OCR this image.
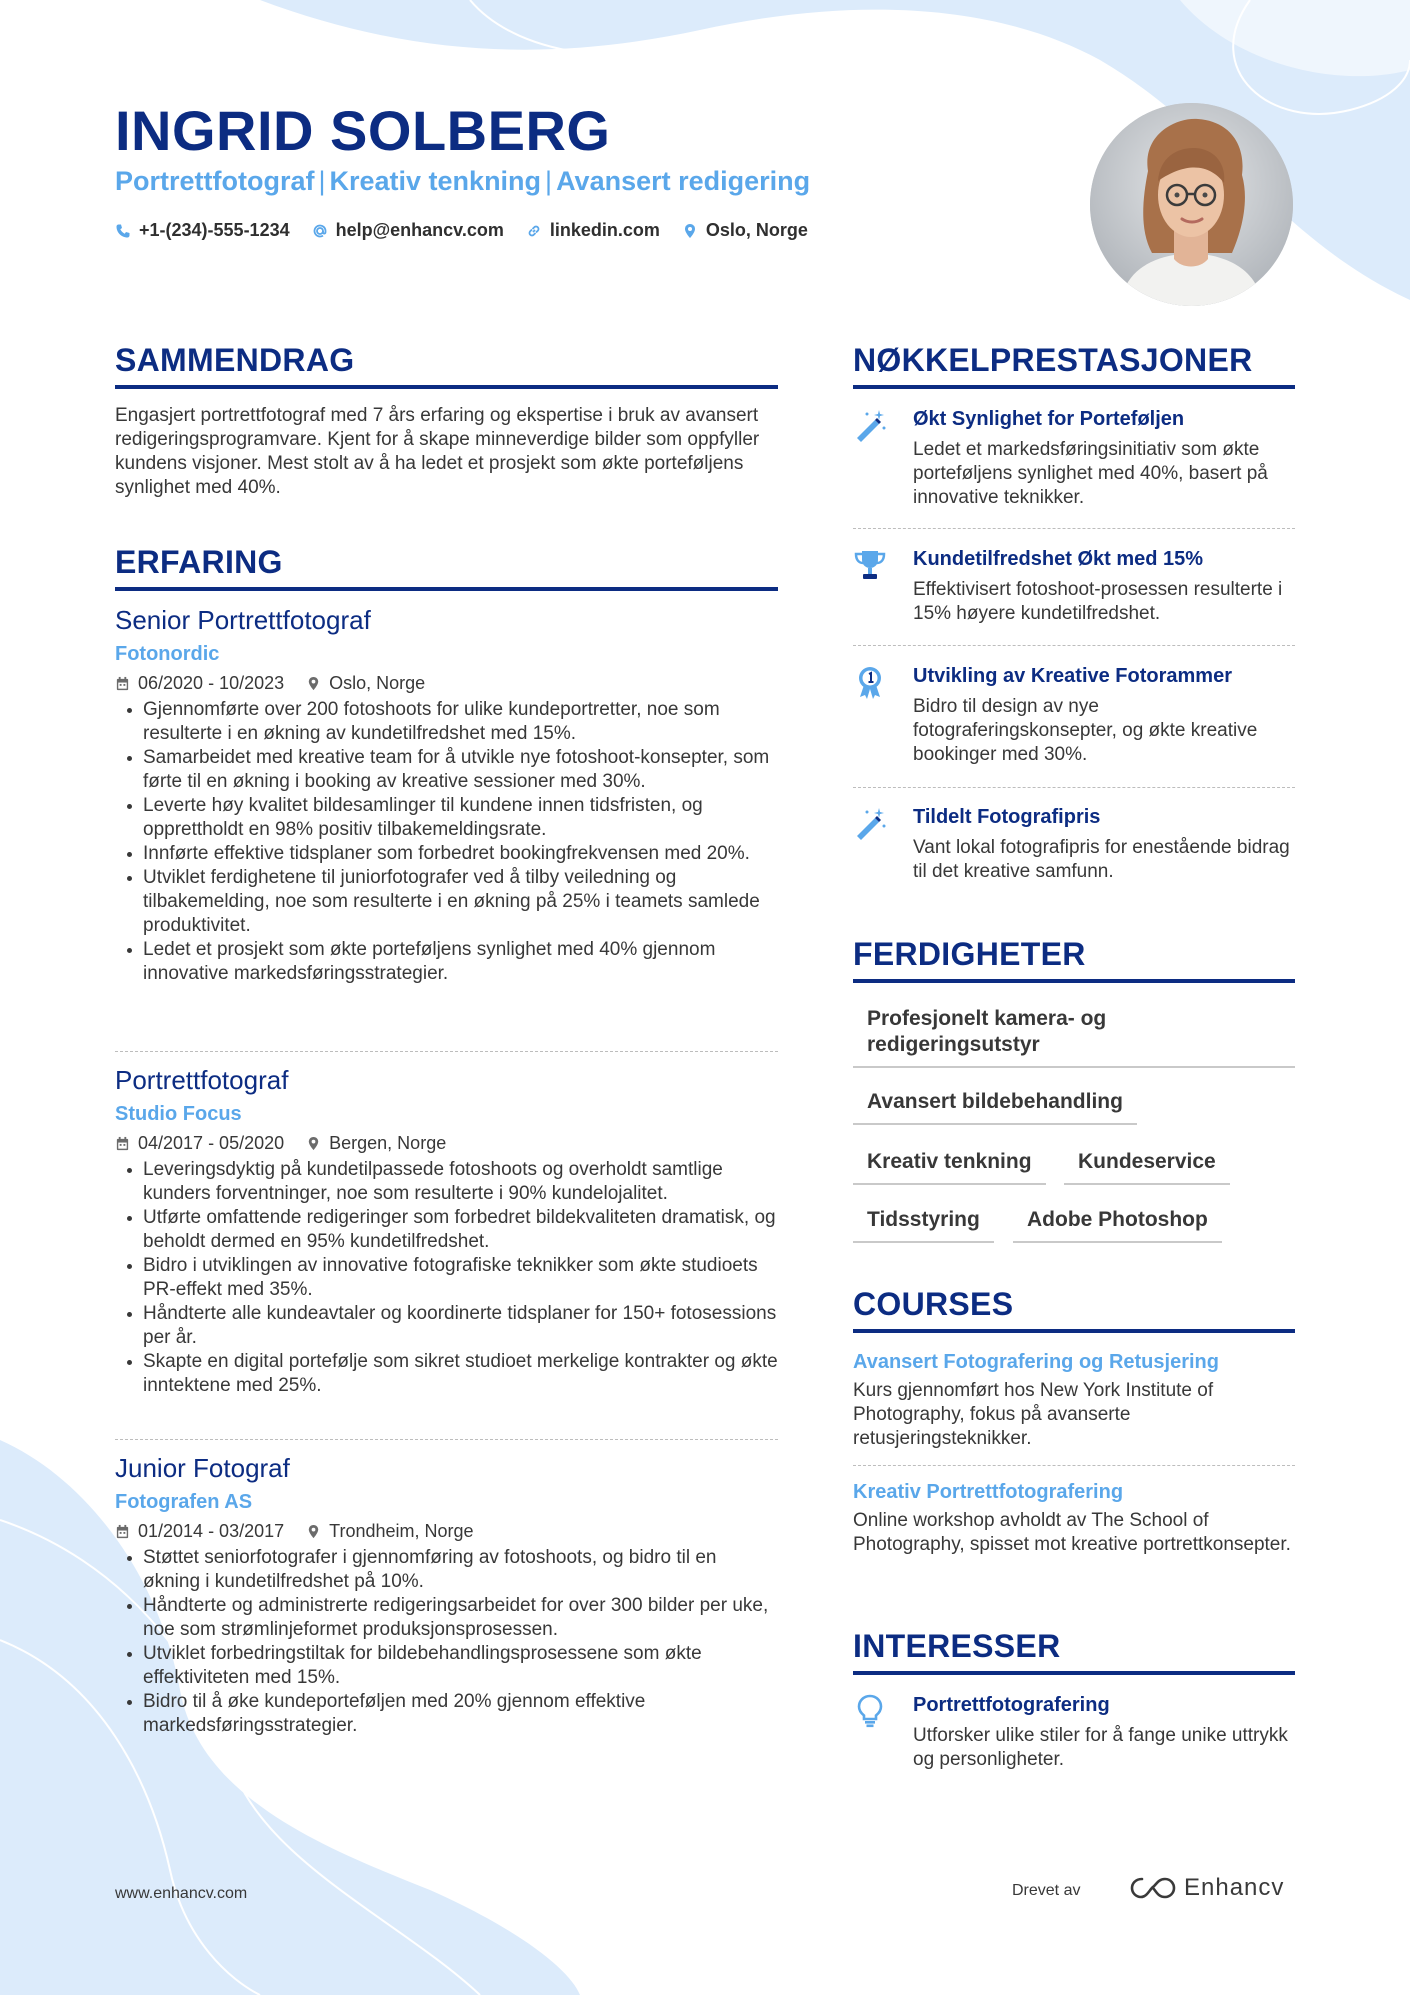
INGRID SOLBERG
Portrettfotograf | Kreativ tenkning | Avansert redigering
+1-(234)-555-1234	help@enhancv.com	linkedin.com	Oslo, Norge
SAMMENDRAG
Engasjert portrettfotograf med 7 års erfaring og ekspertise i bruk av avansert redigeringsprogramvare. Kjent for å skape minneverdige bilder som oppfyller kundens visjoner. Mest stolt av å ha ledet et prosjekt som økte porteføljens synlighet med 40%.
ERFARING
Senior Portrettfotograf
Fotonordic
06/2020 - 10/2023	Oslo, Norge
Gjennomførte over 200 fotoshoots for ulike kundeportretter, noe som resulterte i en økning av kundetilfredshet med 15%.
Samarbeidet med kreative team for å utvikle nye fotoshoot-konsepter, som førte til en økning i booking av kreative sessioner med 30%.
Leverte høy kvalitet bildesamlinger til kundene innen tidsfristen, og opprettholdt en 98% positiv tilbakemeldingsrate.
Innførte effektive tidsplaner som forbedret bookingfrekvensen med 20%.
Utviklet ferdighetene til juniorfotografer ved å tilby veiledning og tilbakemelding, noe som resulterte i en økning på 25% i teamets samlede produktivitet.
Ledet et prosjekt som økte porteføljens synlighet med 40% gjennom innovative markedsføringsstrategier.
Portrettfotograf
Studio Focus
04/2017 - 05/2020	Bergen, Norge
Leveringsdyktig på kundetilpassede fotoshoots og overholdt samtlige kunders forventninger, noe som resulterte i 90% kundelojalitet.
Utførte omfattende redigeringer som forbedret bildekvaliteten dramatisk, og beholdt dermed en 95% kundetilfredshet.
Bidro i utviklingen av innovative fotografiske teknikker som økte studioets PR-effekt med 35%.
Håndterte alle kundeavtaler og koordinerte tidsplaner for 150+ fotosessions per år.
Skapte en digital portefølje som sikret studioet merkelige kontrakter og økte inntektene med 25%.
Junior Fotograf
Fotografen AS
01/2014 - 03/2017	Trondheim, Norge
Støttet seniorfotografer i gjennomføring av fotoshoots, og bidro til en økning i kundetilfredshet på 10%.
Håndterte og administrerte redigeringsarbeidet for over 300 bilder per uke, noe som strømlinjeformet produksjonsprosessen.
Utviklet forbedringstiltak for bildebehandlingsprosessene som økte effektiviteten med 15%.
Bidro til å øke kundeporteføljen med 20% gjennom effektive markedsføringsstrategier.
NØKKELPRESTASJONER
Økt Synlighet for Porteføljen
Ledet et markedsføringsinitiativ som økte porteføljens synlighet med 40%, basert på innovative teknikker.
Kundetilfredshet Økt med 15%
Effektivisert fotoshoot-prosessen resulterte i 15% høyere kundetilfredshet.
Utvikling av Kreative Fotorammer
Bidro til design av nye fotograferingskonsepter, og økte kreative bookinger med 30%.
Tildelt Fotografipris
Vant lokal fotografipris for enestående bidrag til det kreative samfunn.
FERDIGHETER
Profesjonelt kamera- og redigeringsutstyr
Avansert bildebehandling
Kreativ tenkning	Kundeservice
Tidsstyring	Adobe Photoshop
COURSES
Avansert Fotografering og Retusjering
Kurs gjennomført hos New York Institute of Photography, fokus på avanserte retusjeringsteknikker.
Kreativ Portrettfotografering
Online workshop avholdt av The School of Photography, spisset mot kreative portrettkonsepter.
INTERESSER
Portrettfotografering
Utforsker ulike stiler for å fange unike uttrykk og personligheter.
www.enhancv.com	Drevet av	Enhancv
